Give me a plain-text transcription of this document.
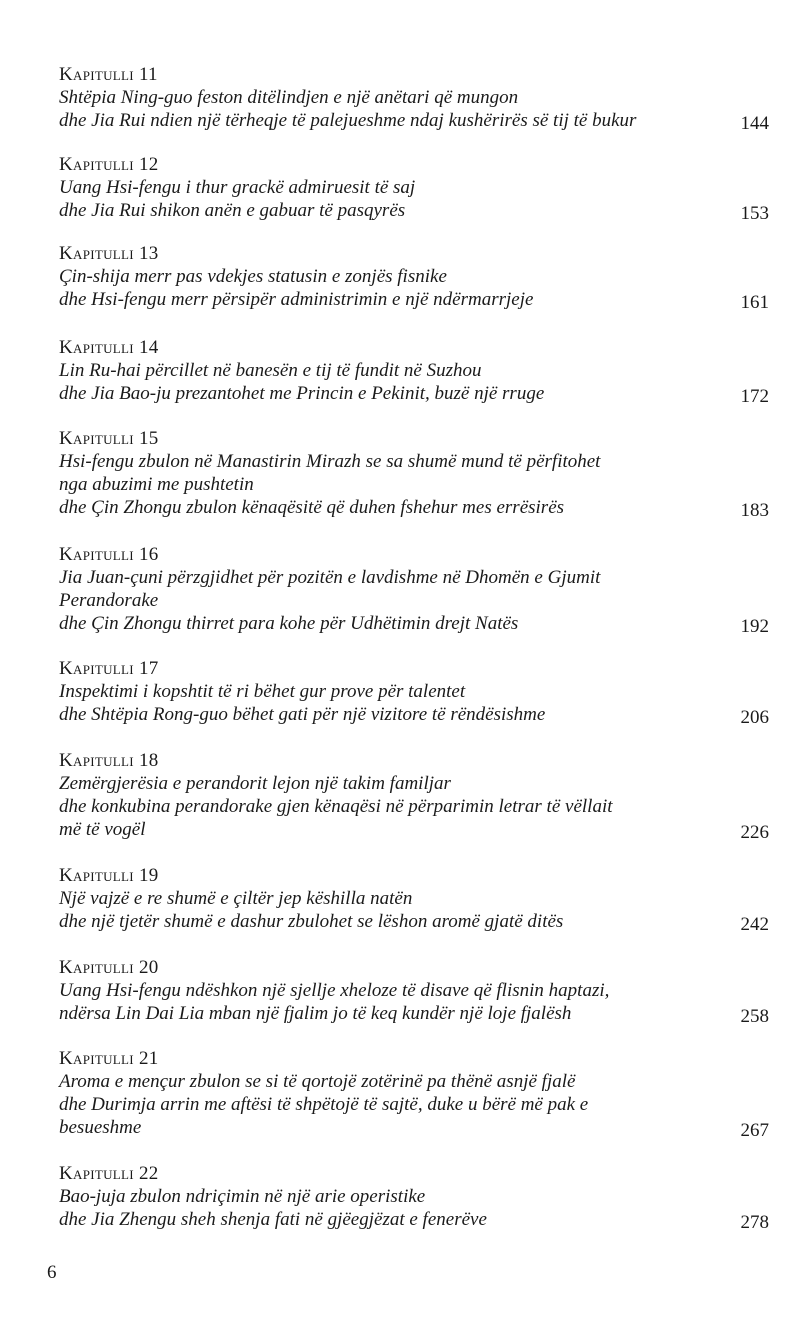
Kapitulli 11
Shtëpia Ning-guo feston ditëlindjen e një anëtari që mungon
dhe Jia Rui ndien një tërheqje të palejueshme ndaj kushërirës së tij të bukur	144
Kapitulli 12
Uang Hsi-fengu i thur grackë admiruesit të saj
dhe Jia Rui shikon anën e gabuar të pasqyrës	153
Kapitulli 13
Çin-shija merr pas vdekjes statusin e zonjës fisnike
dhe Hsi-fengu merr përsipër administrimin e një ndërmarrjeje	161
Kapitulli 14
Lin Ru-hai përcillet në banesën e tij të fundit në Suzhou
dhe Jia Bao-ju prezantohet me Princin e Pekinit, buzë një rruge	172
Kapitulli 15
Hsi-fengu zbulon në Manastirin Mirazh se sa shumë mund të përfitohet
nga abuzimi me pushtetin
dhe Çin Zhongu zbulon kënaqësitë që duhen fshehur mes errësirës	183
Kapitulli 16
Jia Juan-çuni përzgjidhet për pozitën e lavdishme në Dhomën e Gjumit
Perandorake
dhe Çin Zhongu thirret para kohe për Udhëtimin drejt Natës	192
Kapitulli 17
Inspektimi i kopshtit të ri bëhet gur prove për talentet
dhe Shtëpia Rong-guo bëhet gati për një vizitore të rëndësishme	206
Kapitulli 18
Zemërgjerësia e perandorit lejon një takim familjar
dhe konkubina perandorake gjen kënaqësi në përparimin letrar të vëllait
më të vogël	226
Kapitulli 19
Një vajzë e re shumë e çiltër jep këshilla natën
dhe një tjetër shumë e dashur zbulohet se lëshon aromë gjatë ditës	242
Kapitulli 20
Uang Hsi-fengu ndëshkon një sjellje xheloze të disave që flisnin haptazi,
ndërsa Lin Dai Lia mban një fjalim jo të keq kundër një loje fjalësh	258
Kapitulli 21
Aroma e mençur zbulon se si të qortojë zotërinë pa thënë asnjë fjalë
dhe Durimja arrin me aftësi të shpëtojë të sajtë, duke u bërë më pak e
besueshme	267
Kapitulli 22
Bao-juja zbulon ndriçimin në një arie operistike
dhe Jia Zhengu sheh shenja fati në gjëegjëzat e fenerëve	278
6
